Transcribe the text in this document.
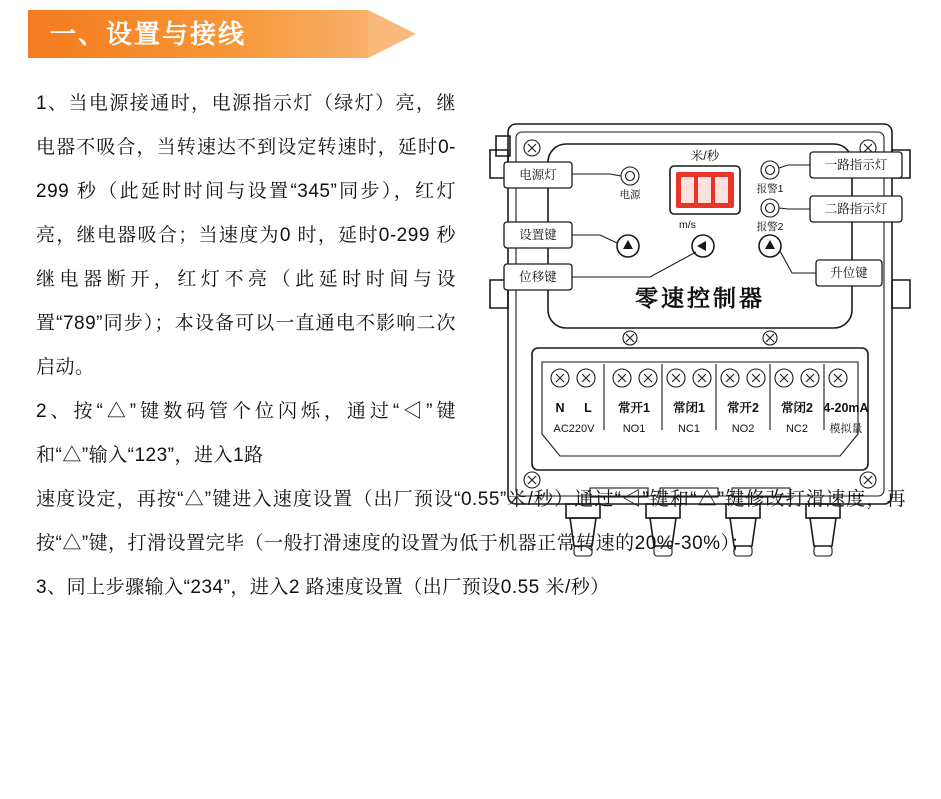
一、设置与接线

1、当电源接通时，电源指示灯（绿灯）亮，继电器不吸合，当转速达不到设定转速时，延时0-299 秒（此延时时间与设置“345”同步），红灯亮，继电器吸合；当速度为0 时，延时0-299 秒继电器断开，红灯不亮（此延时时间与设置“789”同步）；本设备可以一直通电不影响二次启动。

2、按“△”键数码管个位闪烁，通过“◁”键和“△”输入“123”，进入1路

速度设定，再按“△”键进入速度设置（出厂预设“0.55”米/秒）通过“◁”键和“△”键修改打滑速度，再按“△”键，打滑设置完毕（一般打滑速度的设置为低于机器正常转速的20%-30%）；

3、同上步骤输入“234”，进入2 路速度设置（出厂预设0.55 米/秒）

米/秒
m/s
电源	报警1
报警2
零速控制器
电源灯
设置键
位移键
一路指示灯
二路指示灯
升位键
N L 常开1 常闭1 常开2 常闭2 4-20mA
AC220V	NO1	NC1	NO2	NC2 模拟量
